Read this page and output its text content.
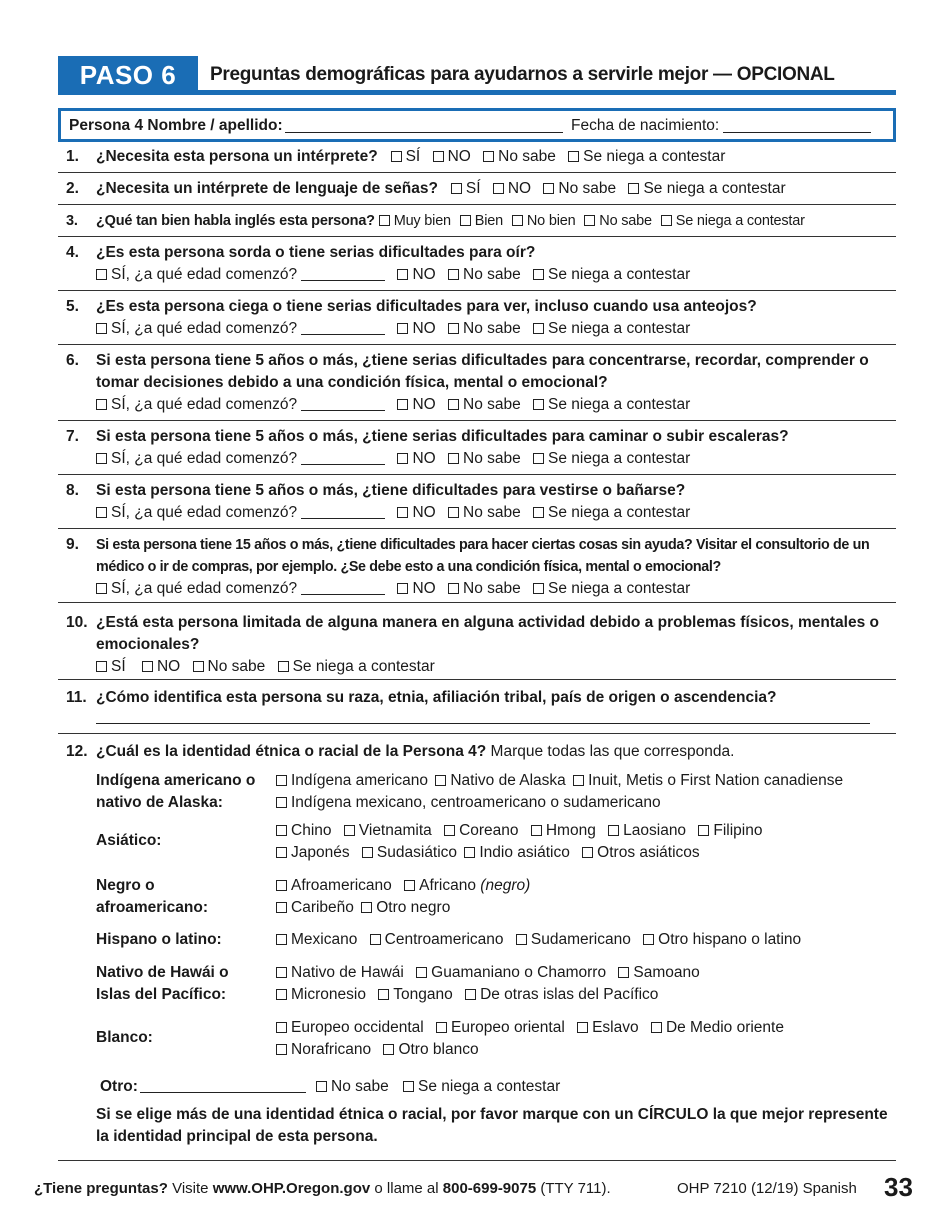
PASO 6	Preguntas demográficas para ayudarnos a servirle mejor — OPCIONAL
Persona 4 Nombre / apellido:	Fecha de nacimiento:
1. ¿Necesita esta persona un intérprete? SÍ NO No sabe Se niega a contestar
2. ¿Necesita un intérprete de lenguaje de señas? SÍ NO No sabe Se niega a contestar
3. ¿Qué tan bien habla inglés esta persona? Muy bien Bien No bien No sabe Se niega a contestar
4. ¿Es esta persona sorda o tiene serias dificultades para oír?
SÍ, ¿a qué edad comenzó?	NO No sabe Se niega a contestar
5. ¿Es esta persona ciega o tiene serias dificultades para ver, incluso cuando usa anteojos?
SÍ, ¿a qué edad comenzó?	NO No sabe Se niega a contestar
6. Si esta persona tiene 5 años o más, ¿tiene serias dificultades para concentrarse, recordar, comprender o tomar decisiones debido a una condición física, mental o emocional?
SÍ, ¿a qué edad comenzó?	NO No sabe Se niega a contestar
7. Si esta persona tiene 5 años o más, ¿tiene serias dificultades para caminar o subir escaleras?
SÍ, ¿a qué edad comenzó?	NO No sabe Se niega a contestar
8. Si esta persona tiene 5 años o más, ¿tiene dificultades para vestirse o bañarse?
SÍ, ¿a qué edad comenzó?	NO No sabe Se niega a contestar
9. Si esta persona tiene 15 años o más, ¿tiene dificultades para hacer ciertas cosas sin ayuda? Visitar el consultorio de un médico o ir de compras, por ejemplo. ¿Se debe esto a una condición física, mental o emocional?
SÍ, ¿a qué edad comenzó?	NO No sabe Se niega a contestar
10. ¿Está esta persona limitada de alguna manera en alguna actividad debido a problemas físicos, mentales o emocionales?
SÍ NO No sabe Se niega a contestar
11. ¿Cómo identifica esta persona su raza, etnia, afiliación tribal, país de origen o ascendencia?
12. ¿Cuál es la identidad étnica o racial de la Persona 4? Marque todas las que corresponda.
Indígena americano o nativo de Alaska:
Indígena americano Nativo de Alaska Inuit, Metis o First Nation canadiense
Indígena mexicano, centroamericano o sudamericano
Asiático:
Chino Vietnamita Coreano Hmong Laosiano Filipino
Japonés Sudasiático Indio asiático Otros asiáticos
Negro o afroamericano:
Afroamericano Africano (negro)
Caribeño Otro negro
Hispano o latino:	Mexicano Centroamericano Sudamericano Otro hispano o latino
Nativo de Hawái o Islas del Pacífico:
Nativo de Hawái Guamaniano o Chamorro Samoano
Micronesio Tongano De otras islas del Pacífico
Blanco:
Europeo occidental Europeo oriental Eslavo De Medio oriente
Norafricano Otro blanco
Otro:	No sabe Se niega a contestar
Si se elige más de una identidad étnica o racial, por favor marque con un CÍRCULO la que mejor represente la identidad principal de esta persona.
¿Tiene preguntas? Visite www.OHP.Oregon.gov o llame al 800-699-9075 (TTY 711).	OHP 7210 (12/19) Spanish 33
